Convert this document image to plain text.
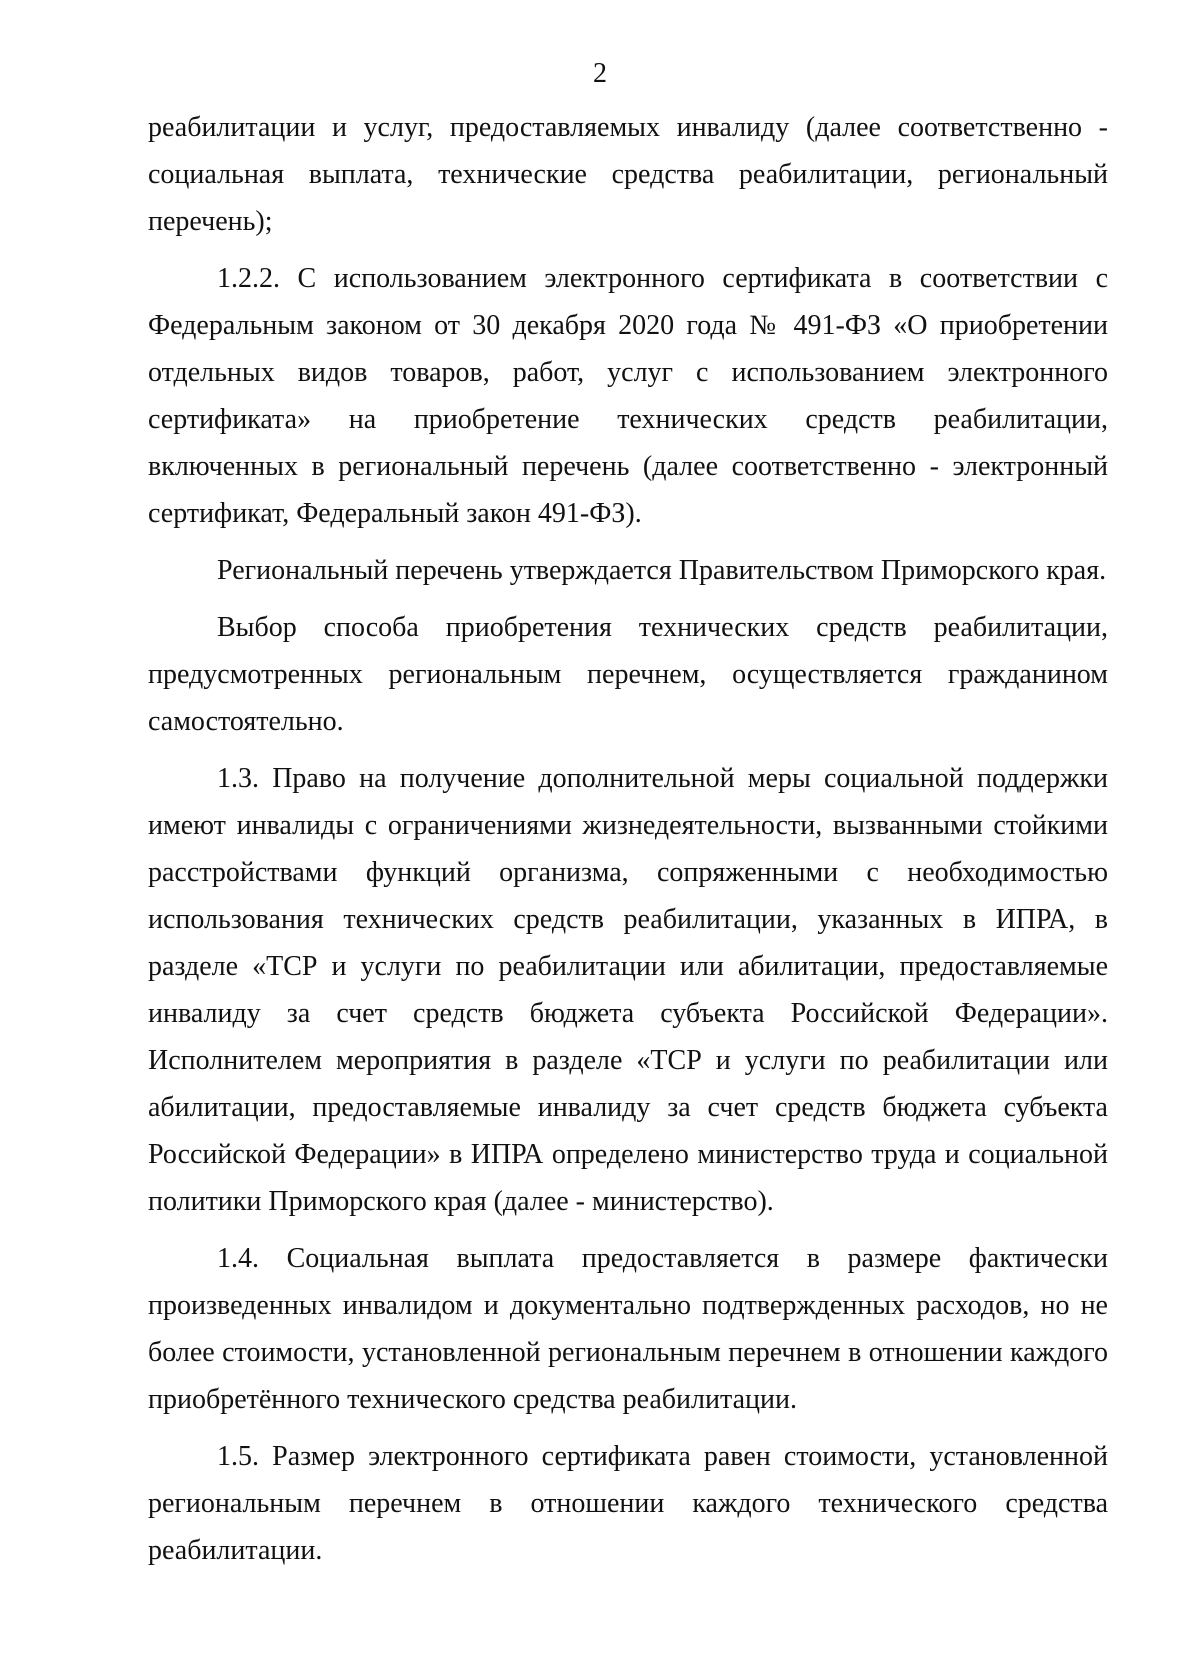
2

реабилитации и услуг, предоставляемых инвалиду (далее соответственно - социальная выплата, технические средства реабилитации, региональный перечень);

1.2.2. С использованием электронного сертификата в соответствии с Федеральным законом от 30 декабря 2020 года № 491-ФЗ «О приобретении отдельных видов товаров, работ, услуг с использованием электронного сертификата» на приобретение технических средств реабилитации, включенных в региональный перечень (далее соответственно - электронный сертификат, Федеральный закон 491-ФЗ).

Региональный перечень утверждается Правительством Приморского края.

Выбор способа приобретения технических средств реабилитации, предусмотренных региональным перечнем, осуществляется гражданином самостоятельно.

1.3. Право на получение дополнительной меры социальной поддержки имеют инвалиды с ограничениями жизнедеятельности, вызванными стойкими расстройствами функций организма, сопряженными с необходимостью использования технических средств реабилитации, указанных в ИПРА, в разделе «ТСР и услуги по реабилитации или абилитации, предоставляемые инвалиду за счет средств бюджета субъекта Российской Федерации». Исполнителем мероприятия в разделе «ТСР и услуги по реабилитации или абилитации, предоставляемые инвалиду за счет средств бюджета субъекта Российской Федерации» в ИПРА определено министерство труда и социальной политики Приморского края (далее - министерство).

1.4. Социальная выплата предоставляется в размере фактически произведенных инвалидом и документально подтвержденных расходов, но не более стоимости, установленной региональным перечнем в отношении каждого приобретённого технического средства реабилитации.

1.5. Размер электронного сертификата равен стоимости, установленной региональным перечнем в отношении каждого технического средства реабилитации.
